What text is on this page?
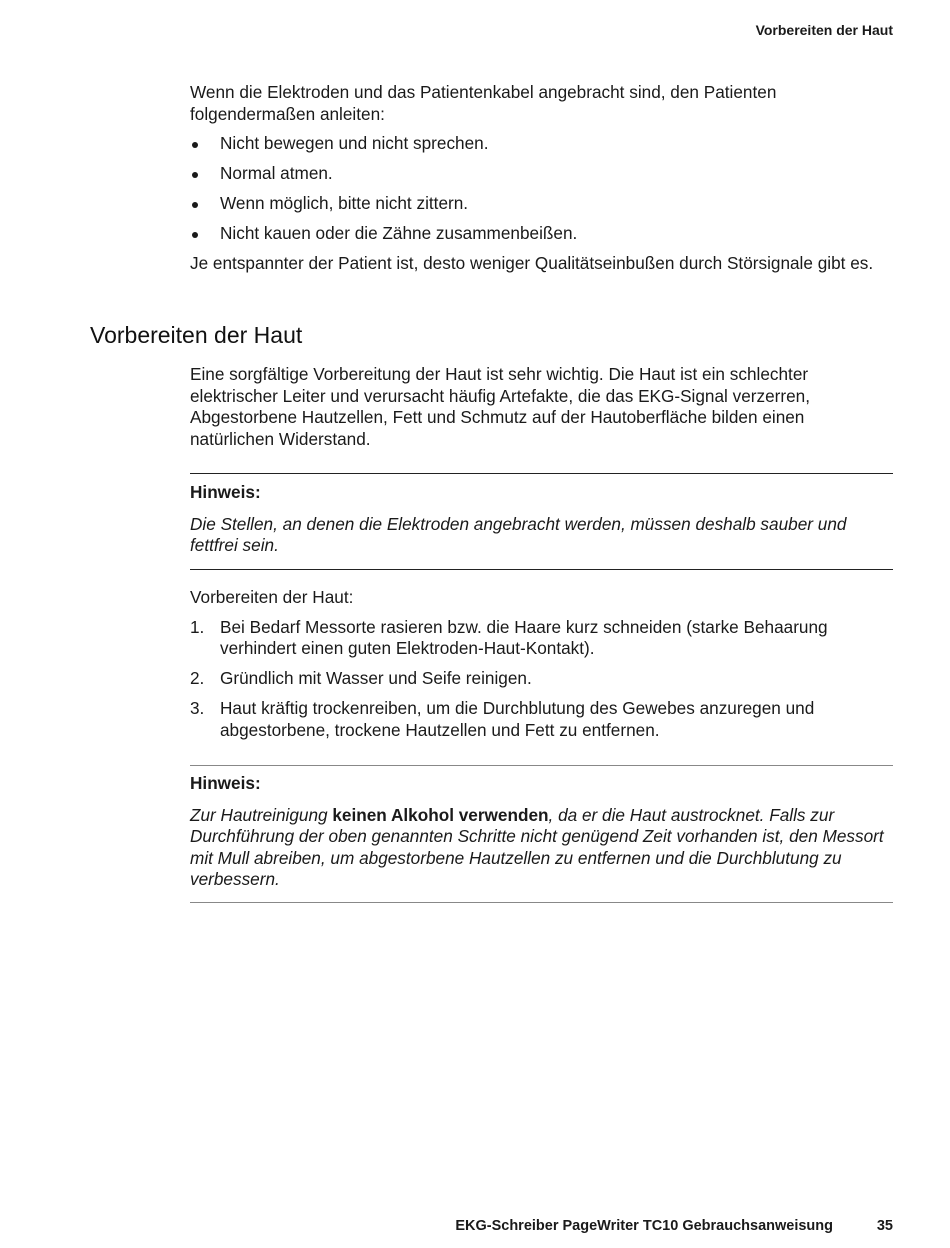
Vorbereiten der Haut

Wenn die Elektroden und das Patientenkabel angebracht sind, den Patienten folgendermaßen anleiten:

Nicht bewegen und nicht sprechen.
Normal atmen.
Wenn möglich, bitte nicht zittern.
Nicht kauen oder die Zähne zusammenbeißen.

Je entspannter der Patient ist, desto weniger Qualitätseinbußen durch Störsignale gibt es.

Vorbereiten der Haut

Eine sorgfältige Vorbereitung der Haut ist sehr wichtig. Die Haut ist ein schlechter elektrischer Leiter und verursacht häufig Artefakte, die das EKG-Signal verzerren, Abgestorbene Hautzellen, Fett und Schmutz auf der Hautoberfläche bilden einen natürlichen Widerstand.

Hinweis:
Die Stellen, an denen die Elektroden angebracht werden, müssen deshalb sauber und fettfrei sein.

Vorbereiten der Haut:

1. Bei Bedarf Messorte rasieren bzw. die Haare kurz schneiden (starke Behaarung verhindert einen guten Elektroden-Haut-Kontakt).
2. Gründlich mit Wasser und Seife reinigen.
3. Haut kräftig trockenreiben, um die Durchblutung des Gewebes anzuregen und abgestorbene, trockene Hautzellen und Fett zu entfernen.
Hinweis:
Zur Hautreinigung keinen Alkohol verwenden, da er die Haut austrocknet. Falls zur Durchführung der oben genannten Schritte nicht genügend Zeit vorhanden ist, den Messort mit Mull abreiben, um abgestorbene Hautzellen zu entfernen und die Durchblutung zu verbessern.
EKG-Schreiber PageWriter TC10 Gebrauchsanweisung	35
